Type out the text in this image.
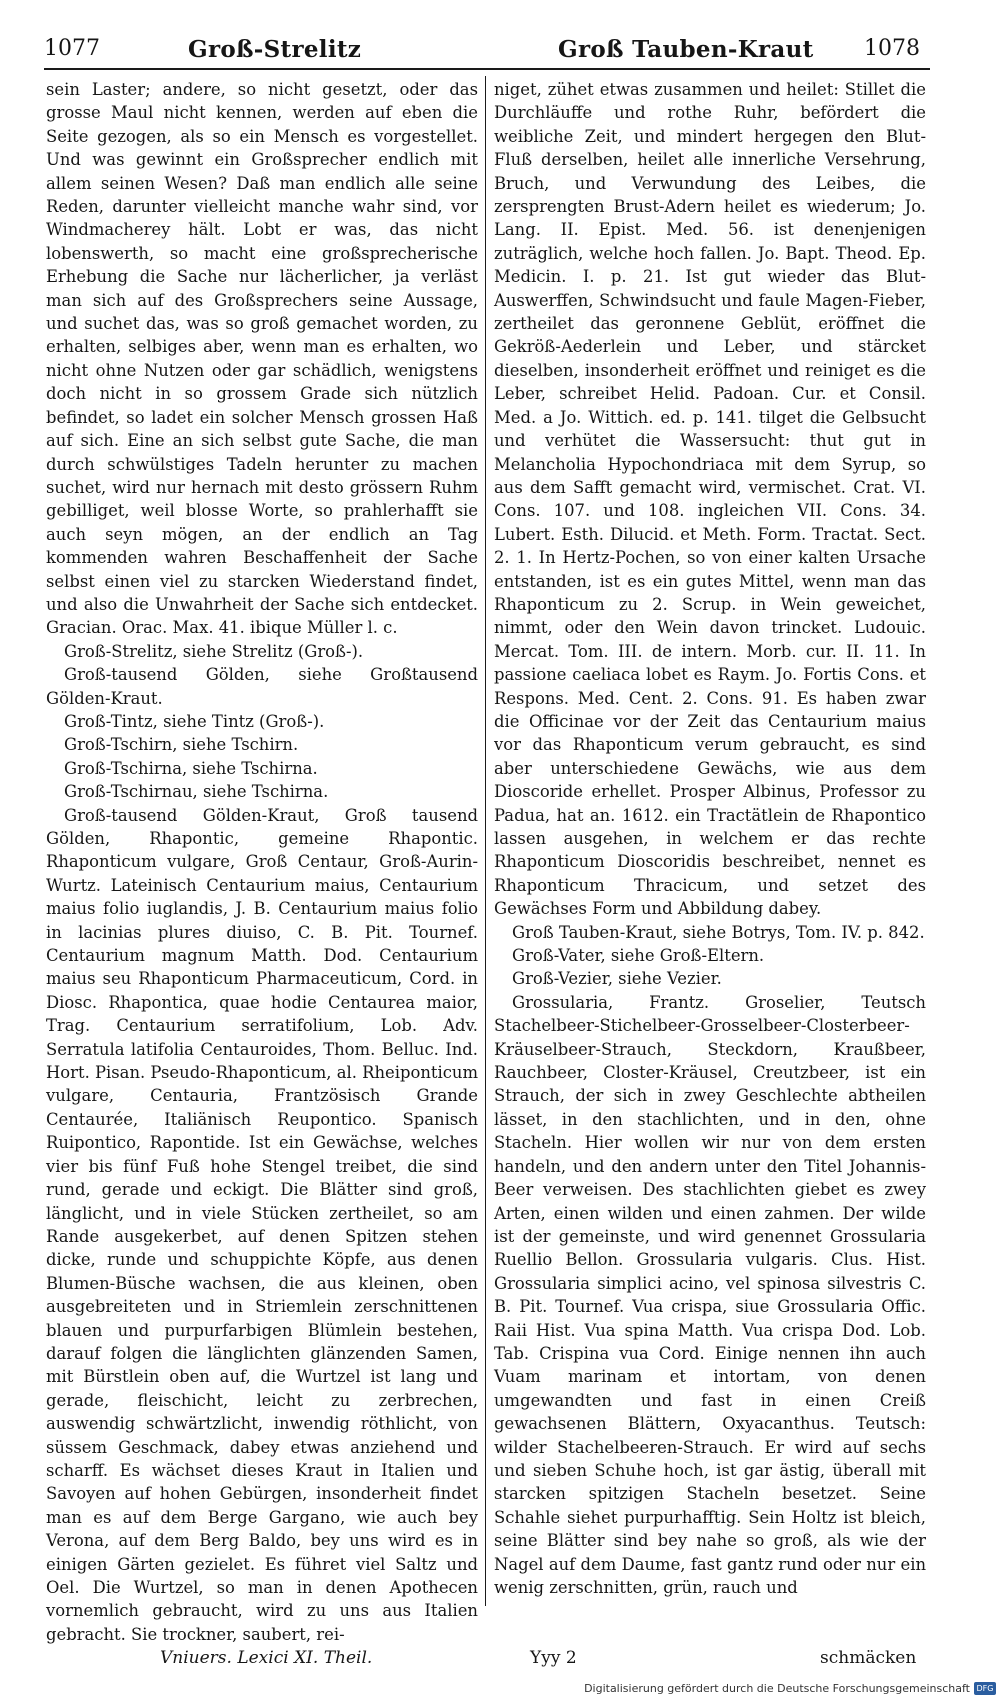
1077	Groß-Strelitz	Groß Tauben-Kraut 1078

sein Laster; andere, so nicht gesetzt, oder das grosse Maul nicht kennen, werden auf eben die Seite gezogen, als so ein Mensch es vorgestellet. Und was gewinnt ein Großsprecher endlich mit allem seinen Wesen? Daß man endlich alle seine Reden, darunter vielleicht manche wahr sind, vor Windmacherey hält. Lobt er was, das nicht lobenswerth, so macht eine großsprecherische Erhebung die Sache nur lächerlicher, ja verläst man sich auf des Großsprechers seine Aussage, und suchet das, was so groß gemachet worden, zu erhalten, selbiges aber, wenn man es erhalten, wo nicht ohne Nutzen oder gar schädlich, wenigstens doch nicht in so grossem Grade sich nützlich befindet, so ladet ein solcher Mensch grossen Haß auf sich. Eine an sich selbst gute Sache, die man durch schwülstiges Tadeln herunter zu machen suchet, wird nur hernach mit desto grössern Ruhm gebilliget, weil blosse Worte, so prahlerhafft sie auch seyn mögen, an der endlich an Tag kommenden wahren Beschaffenheit der Sache selbst einen viel zu starcken Wiederstand findet, und also die Unwahrheit der Sache sich entdecket. Gracian. Orac. Max. 41. ibique Müller l. c.

Groß-Strelitz, siehe Strelitz (Groß-).

Groß-tausend Gölden, siehe Großtausend Gölden-Kraut.

Groß-Tintz, siehe Tintz (Groß-).

Groß-Tschirn, siehe Tschirn.

Groß-Tschirna, siehe Tschirna.

Groß-Tschirnau, siehe Tschirna.

Groß-tausend Gölden-Kraut, Groß tausend Gölden, Rhapontic, gemeine Rhapontic. Rhaponticum vulgare, Groß Centaur, Groß-Aurin-Wurtz. Lateinisch Centaurium maius, Centaurium maius folio iuglandis, J. B. Centaurium maius folio in lacinias plures diuiso, C. B. Pit. Tournef. Centaurium magnum Matth. Dod. Centaurium maius seu Rhaponticum Pharmaceuticum, Cord. in Diosc. Rhapontica, quae hodie Centaurea maior, Trag. Centaurium serratifolium, Lob. Adv. Serratula latifolia Centauroides, Thom. Belluc. Ind. Hort. Pisan. Pseudo-Rhaponticum, al. Rheiponticum vulgare, Centauria, Frantzösisch Grande Centaurée, Italiänisch Reupontico. Spanisch Ruipontico, Rapontide. Ist ein Gewächse, welches vier bis fünf Fuß hohe Stengel treibet, die sind rund, gerade und eckigt. Die Blätter sind groß, länglicht, und in viele Stücken zertheilet, so am Rande ausgekerbet, auf denen Spitzen stehen dicke, runde und schuppichte Köpfe, aus denen Blumen-Büsche wachsen, die aus kleinen, oben ausgebreiteten und in Striemlein zerschnittenen blauen und purpurfarbigen Blümlein bestehen, darauf folgen die länglichten glänzenden Samen, mit Bürstlein oben auf, die Wurtzel ist lang und gerade, fleischicht, leicht zu zerbrechen, auswendig schwärtzlicht, inwendig röthlicht, von süssem Geschmack, dabey etwas anziehend und scharff. Es wächset dieses Kraut in Italien und Savoyen auf hohen Gebürgen, insonderheit findet man es auf dem Berge Gargano, wie auch bey Verona, auf dem Berg Baldo, bey uns wird es in einigen Gärten gezielet. Es führet viel Saltz und Oel. Die Wurtzel, so man in denen Apothecen vornemlich gebraucht, wird zu uns aus Italien gebracht. Sie trockner, saubert, rei-

niget, zühet etwas zusammen und heilet: Stillet die Durchläuffe und rothe Ruhr, befördert die weibliche Zeit, und mindert hergegen den Blut-Fluß derselben, heilet alle innerliche Versehrung, Bruch, und Verwundung des Leibes, die zersprengten Brust-Adern heilet es wiederum; Jo. Lang. II. Epist. Med. 56. ist denenjenigen zuträglich, welche hoch fallen. Jo. Bapt. Theod. Ep. Medicin. I. p. 21. Ist gut wieder das Blut-Auswerffen, Schwindsucht und faule Magen-Fieber, zertheilet das geronnene Geblüt, eröffnet die Gekröß-Aederlein und Leber, und stärcket dieselben, insonderheit eröffnet und reiniget es die Leber, schreibet Helid. Padoan. Cur. et Consil. Med. a Jo. Wittich. ed. p. 141. tilget die Gelbsucht und verhütet die Wassersucht: thut gut in Melancholia Hypochondriaca mit dem Syrup, so aus dem Safft gemacht wird, vermischet. Crat. VI. Cons. 107. und 108. ingleichen VII. Cons. 34. Lubert. Esth. Dilucid. et Meth. Form. Tractat. Sect. 2. 1. In Hertz-Pochen, so von einer kalten Ursache entstanden, ist es ein gutes Mittel, wenn man das Rhaponticum zu 2. Scrup. in Wein geweichet, nimmt, oder den Wein davon trincket. Ludouic. Mercat. Tom. III. de intern. Morb. cur. II. 11. In passione caeliaca lobet es Raym. Jo. Fortis Cons. et Respons. Med. Cent. 2. Cons. 91. Es haben zwar die Officinae vor der Zeit das Centaurium maius vor das Rhaponticum verum gebraucht, es sind aber unterschiedene Gewächs, wie aus dem Dioscoride erhellet. Prosper Albinus, Professor zu Padua, hat an. 1612. ein Tractätlein de Rhapontico lassen ausgehen, in welchem er das rechte Rhaponticum Dioscoridis beschreibet, nennet es Rhaponticum Thracicum, und setzet des Gewächses Form und Abbildung dabey.

Groß Tauben-Kraut, siehe Botrys, Tom. IV. p. 842.

Groß-Vater, siehe Groß-Eltern.

Groß-Vezier, siehe Vezier.

Grossularia, Frantz. Groselier, Teutsch Stachelbeer-Stichelbeer-Grosselbeer-Closterbeer-Kräuselbeer-Strauch, Steckdorn, Kraußbeer, Rauchbeer, Closter-Kräusel, Creutzbeer, ist ein Strauch, der sich in zwey Geschlechte abtheilen lässet, in den stachlichten, und in den, ohne Stacheln. Hier wollen wir nur von dem ersten handeln, und den andern unter den Titel Johannis-Beer verweisen. Des stachlichten giebet es zwey Arten, einen wilden und einen zahmen. Der wilde ist der gemeinste, und wird genennet Grossularia Ruellio Bellon. Grossularia vulgaris. Clus. Hist. Grossularia simplici acino, vel spinosa silvestris C. B. Pit. Tournef. Vua crispa, siue Grossularia Offic. Raii Hist. Vua spina Matth. Vua crispa Dod. Lob. Tab. Crispina vua Cord. Einige nennen ihn auch Vuam marinam et intortam, von denen umgewandten und fast in einen Creiß gewachsenen Blättern, Oxyacanthus. Teutsch: wilder Stachelbeeren-Strauch. Er wird auf sechs und sieben Schuhe hoch, ist gar ästig, überall mit starcken spitzigen Stacheln besetzet. Seine Schahle siehet purpurhafftig. Sein Holtz ist bleich, seine Blätter sind bey nahe so groß, als wie der Nagel auf dem Daume, fast gantz rund oder nur ein wenig zerschnitten, grün, rauch und

Vniuers. Lexici XI. Theil.	Yyy 2	schmäcken
Digitalisierung gefördert durch die Deutsche Forschungsgemeinschaft DFG
